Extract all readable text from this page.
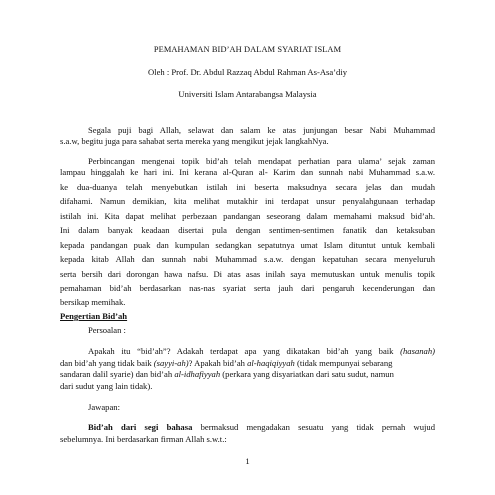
PEMAHAMAN BID’AH DALAM SYARIAT ISLAM
Oleh : Prof. Dr. Abdul Razzaq Abdul Rahman As-Asa’diy
Universiti Islam Antarabangsa Malaysia
Segala puji bagi Allah, selawat dan salam ke atas junjungan besar Nabi Muhammad
s.a.w, begitu juga para sahabat serta mereka yang mengikut jejak langkahNya.
Perbincangan mengenai topik bid’ah telah mendapat perhatian para ulama’ sejak zaman
lampau hinggalah ke hari ini. Ini kerana al-Quran al- Karim dan sunnah nabi Muhammad s.a.w.
ke dua-duanya telah menyebutkan istilah ini beserta maksudnya secara jelas dan mudah
difahami. Namun demikian, kita melihat mutakhir ini terdapat unsur penyalahgunaan terhadap
istilah ini. Kita dapat melihat perbezaan pandangan seseorang dalam memahami maksud bid’ah.
Ini dalam banyak keadaan disertai pula dengan sentimen-sentimen fanatik dan ketaksuban
kepada pandangan puak dan kumpulan sedangkan sepatutnya umat Islam dituntut untuk kembali
kepada kitab Allah dan sunnah nabi Muhammad s.a.w. dengan kepatuhan secara menyeluruh
serta bersih dari dorongan hawa nafsu. Di atas asas inilah saya memutuskan untuk menulis topik
pemahaman bid’ah berdasarkan nas-nas syariat serta jauh dari pengaruh kecenderungan dan
bersikap memihak.
Pengertian Bid’ah
Persoalan :
Apakah itu “bid’ah”? Adakah terdapat apa yang dikatakan bid’ah yang baik (hasanah)
dan bid’ah yang tidak baik (sayyi-ah)? Apakah bid’ah al-haqiqiyyah (tidak mempunyai sebarang
sandaran dalil syarie) dan bid’ah al-idhafiyyah (perkara yang disyariatkan dari satu sudut, namun
dari sudut yang lain tidak).
Jawapan:
Bid’ah dari segi bahasa bermaksud mengadakan sesuatu yang tidak pernah wujud
sebelumnya. Ini berdasarkan firman Allah s.w.t.:
1
